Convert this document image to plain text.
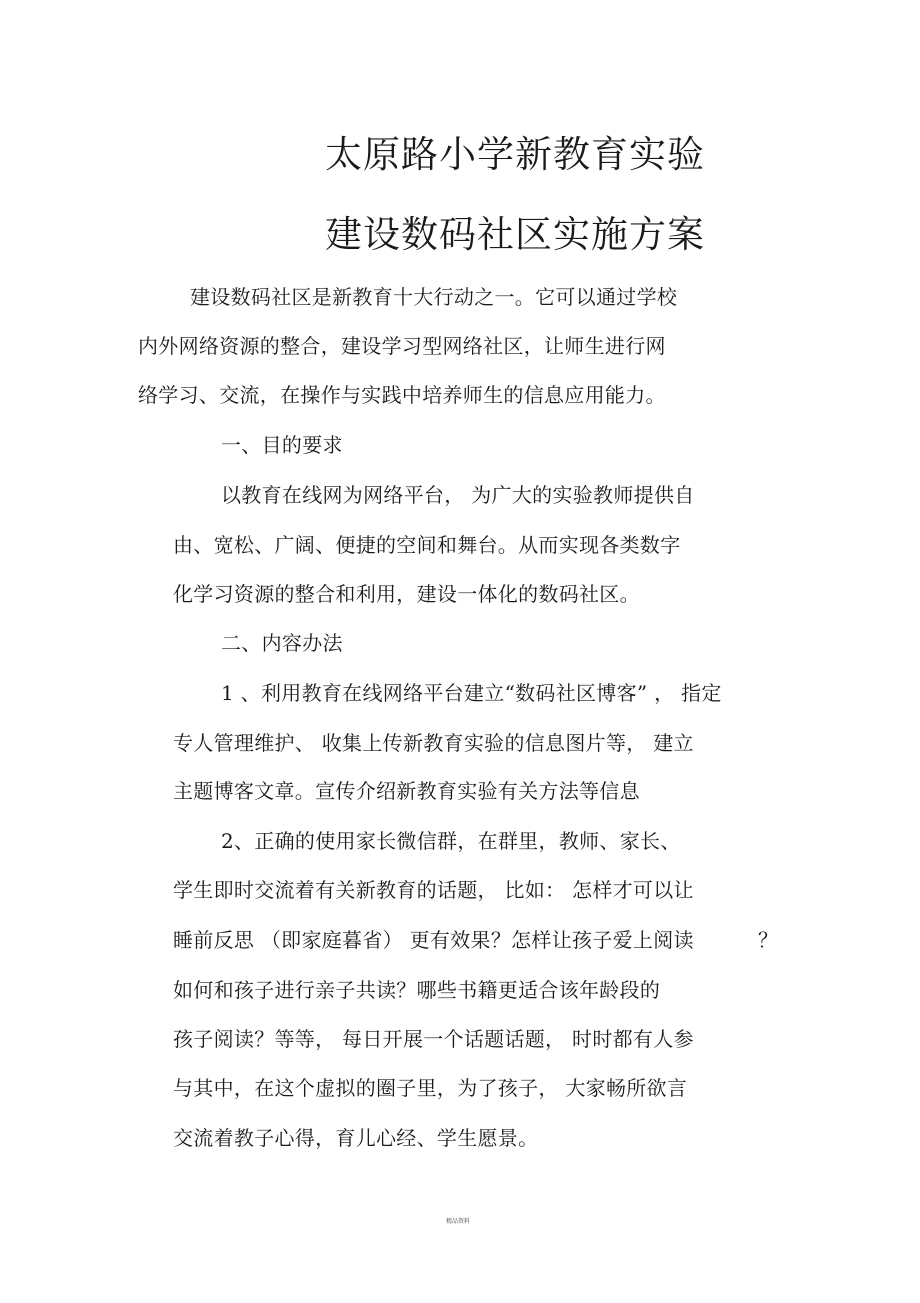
太原路小学新教育实验
建设数码社区实施方案
建设数码社区是新教育十大行动之一。它可以通过学校
内外网络资源的整合，建设学习型网络社区，让师生进行网
络学习、交流，在操作与实践中培养师生的信息应用能力。
一、目的要求
以教育在线网为网络平台， 为广大的实验教师提供自
由、宽松、广阔、便捷的空间和舞台。从而实现各类数字
化学习资源的整合和利用，建设一体化的数码社区。
二、内容办法
1 、利用教育在线网络平台建立“数码社区博客” ， 指定
专人管理维护、 收集上传新教育实验的信息图片等， 建立
主题博客文章。宣传介绍新教育实验有关方法等信息
2、正确的使用家长微信群，在群里，教师、家长、
学生即时交流着有关新教育的话题， 比如： 怎样才可以让
睡前反思 （即家庭暮省） 更有效果？怎样让孩子爱上阅读	？
如何和孩子进行亲子共读？哪些书籍更适合该年龄段的
孩子阅读？等等， 每日开展一个话题话题， 时时都有人参
与其中，在这个虚拟的圈子里，为了孩子， 大家畅所欲言
交流着教子心得，育儿心经、学生愿景。
精品资料
